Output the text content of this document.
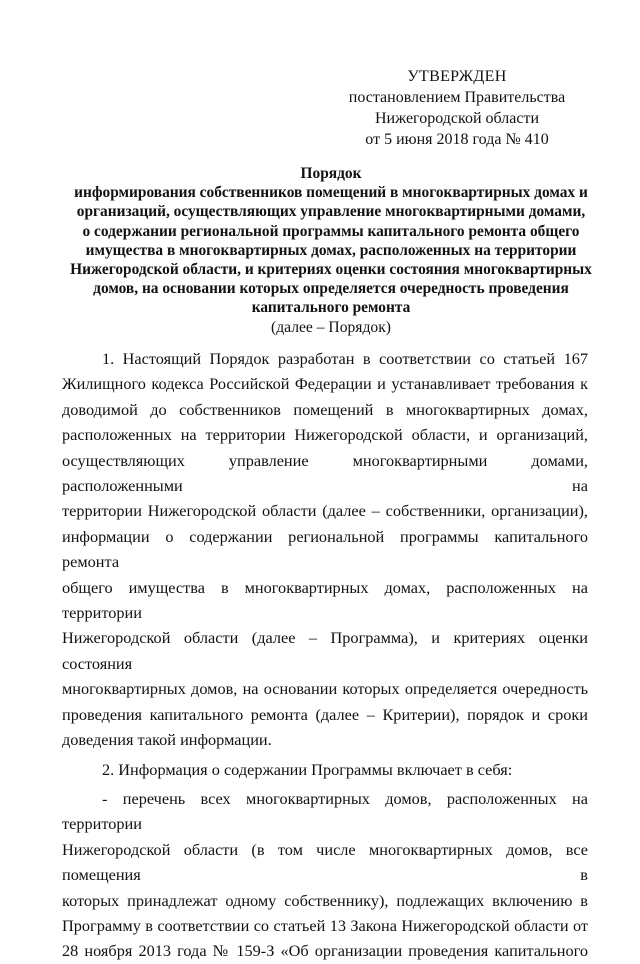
УТВЕРЖДЕН
постановлением Правительства
Нижегородской области
от 5 июня 2018 года № 410
Порядок
информирования собственников помещений в многоквартирных домах и
организаций, осуществляющих управление многоквартирными домами,
о содержании региональной программы капитального ремонта общего
имущества в многоквартирных домах, расположенных на территории
Нижегородской области, и критериях оценки состояния многоквартирных
домов, на основании которых определяется очередность проведения
капитального ремонта
(далее – Порядок)

1. Настоящий Порядок разработан в соответствии со статьей 167

Жилищного кодекса Российской Федерации и устанавливает требования к

доводимой до собственников помещений в многоквартирных домах,

расположенных на территории Нижегородской области, и организаций,

осуществляющих управление многоквартирными домами, расположенными на

территории Нижегородской области (далее – собственники, организации),

информации о содержании региональной программы капитального ремонта

общего имущества в многоквартирных домах, расположенных на территории

Нижегородской области (далее – Программа), и критериях оценки состояния

многоквартирных домов, на основании которых определяется очередность

проведения капитального ремонта (далее – Критерии), порядок и сроки

доведения такой информации.

2. Информация о содержании Программы включает в себя:

- перечень всех многоквартирных домов, расположенных на территории

Нижегородской области (в том числе многоквартирных домов, все помещения в

которых принадлежат одному собственнику), подлежащих включению в

Программу в соответствии со статьей 13 Закона Нижегородской области от

28 ноября 2013 года № 159-З «Об организации проведения капитального
